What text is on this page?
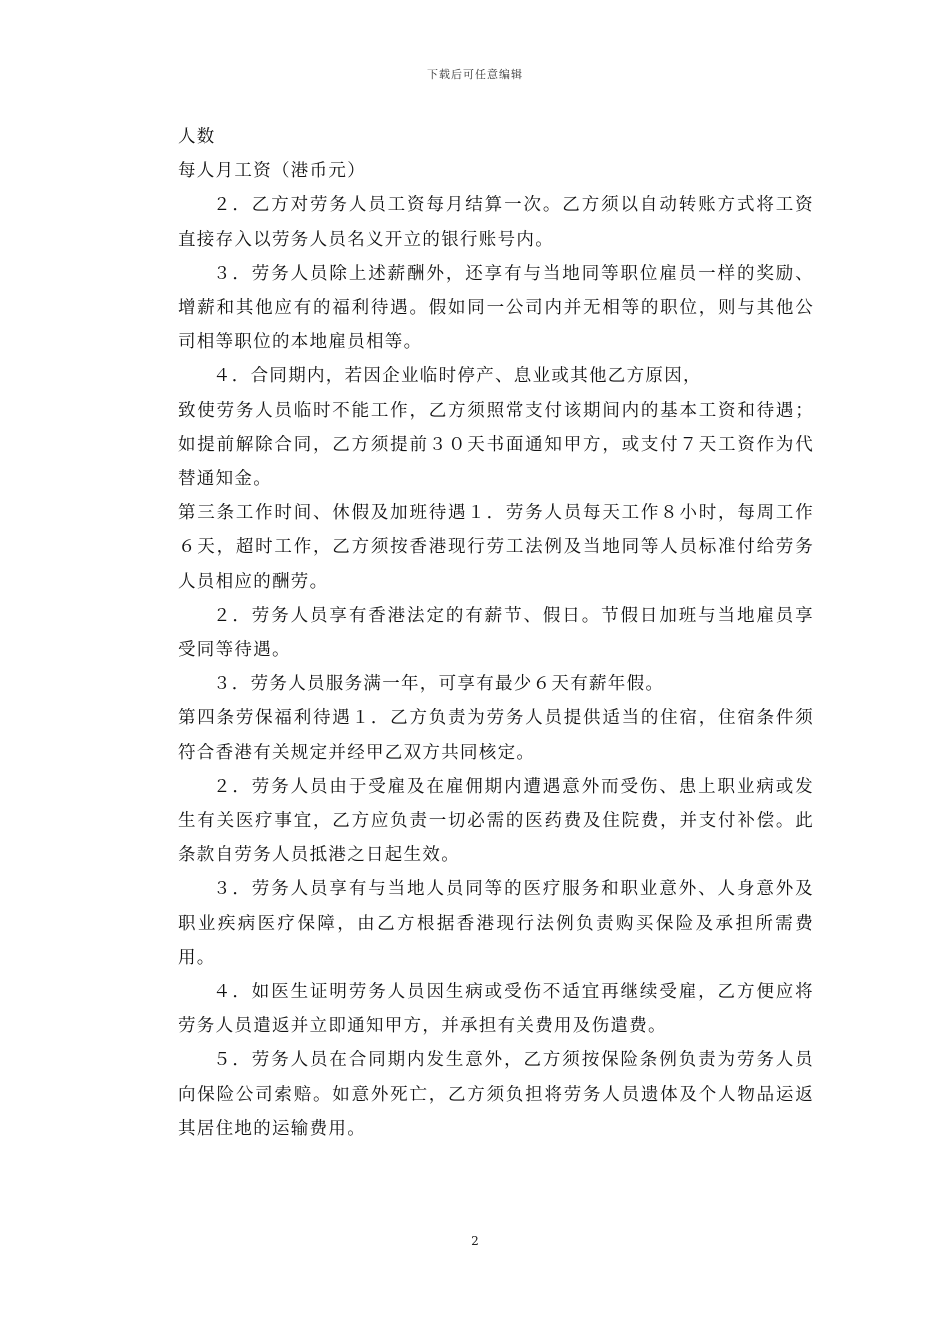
下载后可任意编辑

人数

每人月工资（港币元）

２．乙方对劳务人员工资每月结算一次。乙方须以自动转账方式将工资直接存入以劳务人员名义开立的银行账号内。

３．劳务人员除上述薪酬外，还享有与当地同等职位雇员一样的奖励、增薪和其他应有的福利待遇。假如同一公司内并无相等的职位，则与其他公司相等职位的本地雇员相等。

４．合同期内，若因企业临时停产、息业或其他乙方原因，

致使劳务人员临时不能工作，乙方须照常支付该期间内的基本工资和待遇；如提前解除合同，乙方须提前３０天书面通知甲方，或支付７天工资作为代替通知金。

第三条工作时间、休假及加班待遇１．劳务人员每天工作８小时，每周工作６天，超时工作，乙方须按香港现行劳工法例及当地同等人员标准付给劳务人员相应的酬劳。

２．劳务人员享有香港法定的有薪节、假日。节假日加班与当地雇员享受同等待遇。

３．劳务人员服务满一年，可享有最少６天有薪年假。

第四条劳保福利待遇１．乙方负责为劳务人员提供适当的住宿，住宿条件须符合香港有关规定并经甲乙双方共同核定。

２．劳务人员由于受雇及在雇佣期内遭遇意外而受伤、患上职业病或发生有关医疗事宜，乙方应负责一切必需的医药费及住院费，并支付补偿。此条款自劳务人员抵港之日起生效。

３．劳务人员享有与当地人员同等的医疗服务和职业意外、人身意外及职业疾病医疗保障，由乙方根据香港现行法例负责购买保险及承担所需费用。

４．如医生证明劳务人员因生病或受伤不适宜再继续受雇，乙方便应将劳务人员遣返并立即通知甲方，并承担有关费用及伤遣费。

５．劳务人员在合同期内发生意外，乙方须按保险条例负责为劳务人员向保险公司索赔。如意外死亡，乙方须负担将劳务人员遗体及个人物品运返其居住地的运输费用。

2
